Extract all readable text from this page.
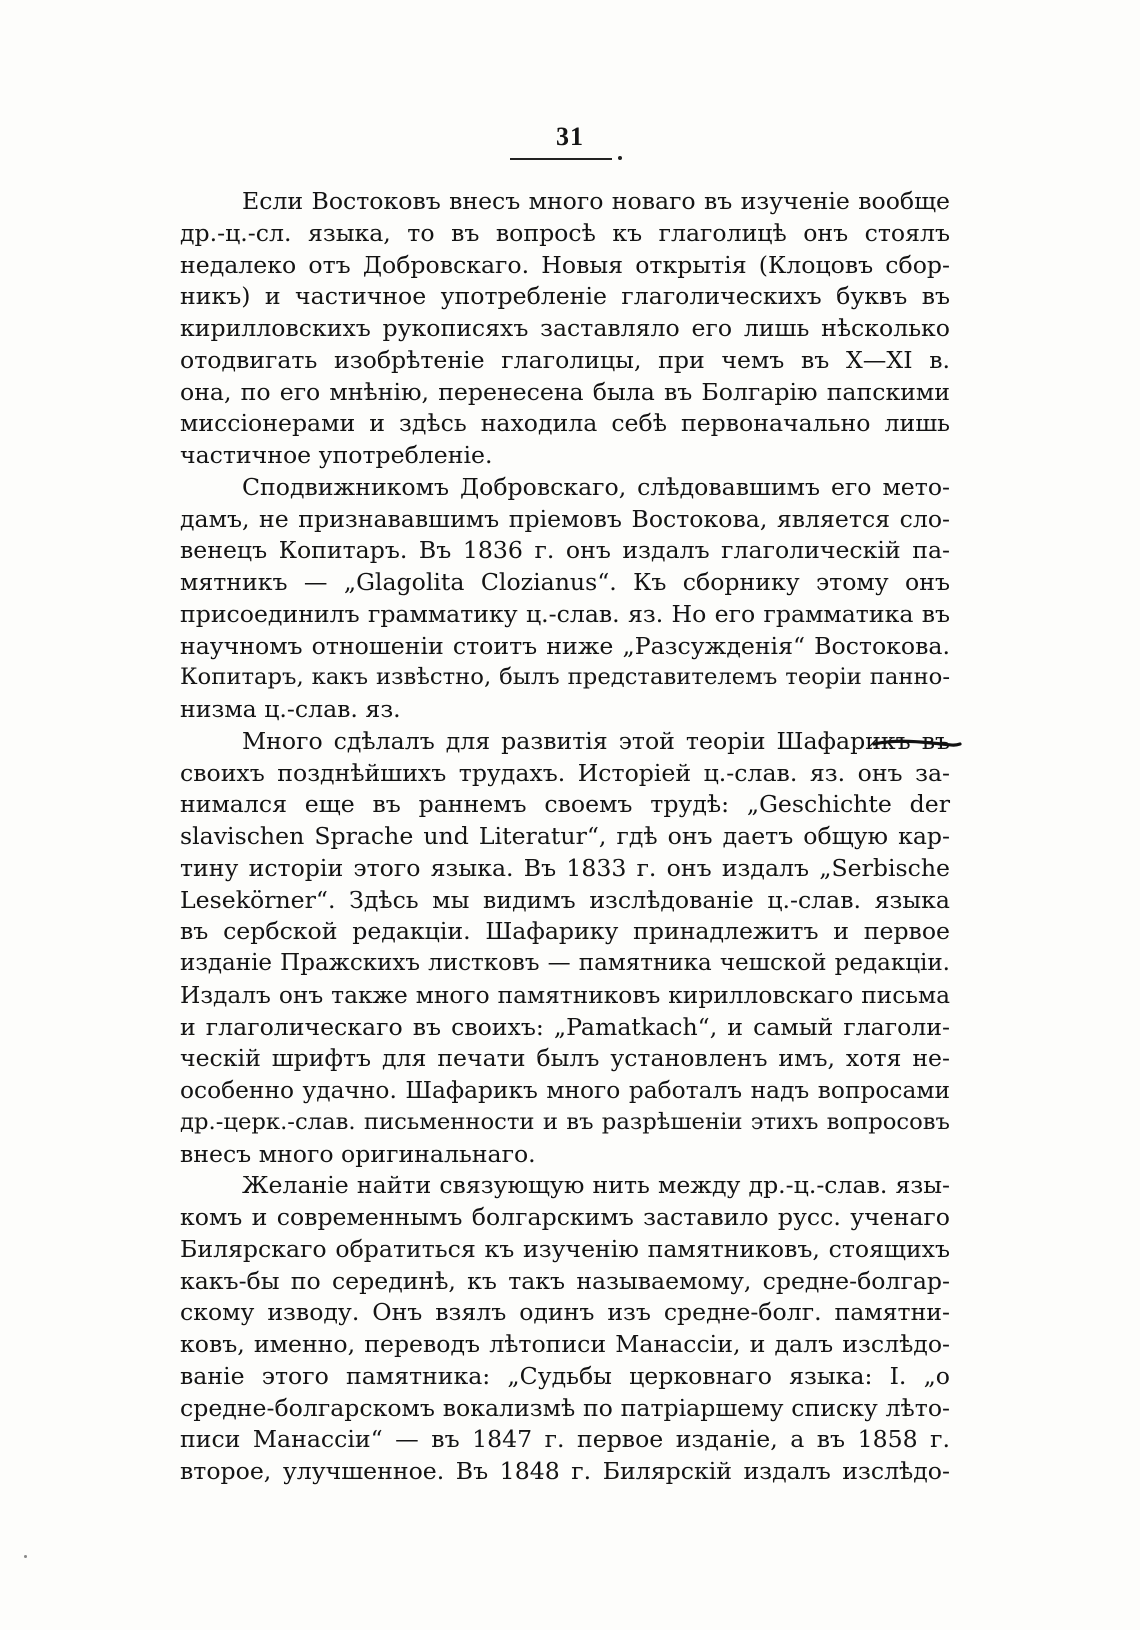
31
Если Востоковъ внесъ много новаго въ изученіе вообще
др.-ц.-сл. языка, то въ вопросѣ къ глаголицѣ онъ стоялъ
недалеко отъ Добровскаго. Новыя открытія (Клоцовъ сбор-
никъ) и частичное употребленіе глаголическихъ буквъ въ
кирилловскихъ рукописяхъ заставляло его лишь нѣсколько
отодвигать изобрѣтеніе глаголицы, при чемъ въ X—XI в.
она, по его мнѣнію, перенесена была въ Болгарію папскими
миссіонерами и здѣсь находила себѣ первоначально лишь
частичное употребленіе.
Сподвижникомъ Добровскаго, слѣдовавшимъ его мето-
дамъ, не признававшимъ пріемовъ Востокова, является сло-
венецъ Копитаръ. Въ 1836 г. онъ издалъ глаголическій па-
мятникъ — „Glagolita Clozianus“. Къ сборнику этому онъ
присоединилъ грамматику ц.-слав. яз. Но его грамматика въ
научномъ отношеніи стоитъ ниже „Разсужденія“ Востокова.
Копитаръ, какъ извѣстно, былъ представителемъ теоріи панно-
низма ц.-слав. яз.
Много сдѣлалъ для развитія этой теоріи Шафарикъ въ
своихъ позднѣйшихъ трудахъ. Исторіей ц.-слав. яз. онъ за-
нимался еще въ раннемъ своемъ трудѣ: „Geschichte der
slavischen Sprache und Literatur“, гдѣ онъ даетъ общую кар-
тину исторіи этого языка. Въ 1833 г. онъ издалъ „Serbische
Lesekörner“. Здѣсь мы видимъ изслѣдованіе ц.-слав. языка
въ сербской редакціи. Шафарику принадлежитъ и первое
изданіе Пражскихъ листковъ — памятника чешской редакціи.
Издалъ онъ также много памятниковъ кирилловскаго письма
и глаголическаго въ своихъ: „Pamatkach“, и самый глаголи-
ческій шрифтъ для печати былъ установленъ имъ, хотя не-
особенно удачно. Шафарикъ много работалъ надъ вопросами
др.-церк.-слав. письменности и въ разрѣшеніи этихъ вопросовъ
внесъ много оригинальнаго.
Желаніе найти связующую нить между др.-ц.-слав. язы-
комъ и современнымъ болгарскимъ заставило русс. ученаго
Билярскаго обратиться къ изученію памятниковъ, стоящихъ
какъ-бы по серединѣ, къ такъ называемому, средне-болгар-
скому изводу. Онъ взялъ одинъ изъ средне-болг. памятни-
ковъ, именно, переводъ лѣтописи Манассіи, и далъ изслѣдо-
ваніе этого памятника: „Судьбы церковнаго языка: I. „о
средне-болгарскомъ вокализмѣ по патріаршему списку лѣто-
писи Манассіи“ — въ 1847 г. первое изданіе, а въ 1858 г.
второе, улучшенное. Въ 1848 г. Билярскій издалъ изслѣдо-
